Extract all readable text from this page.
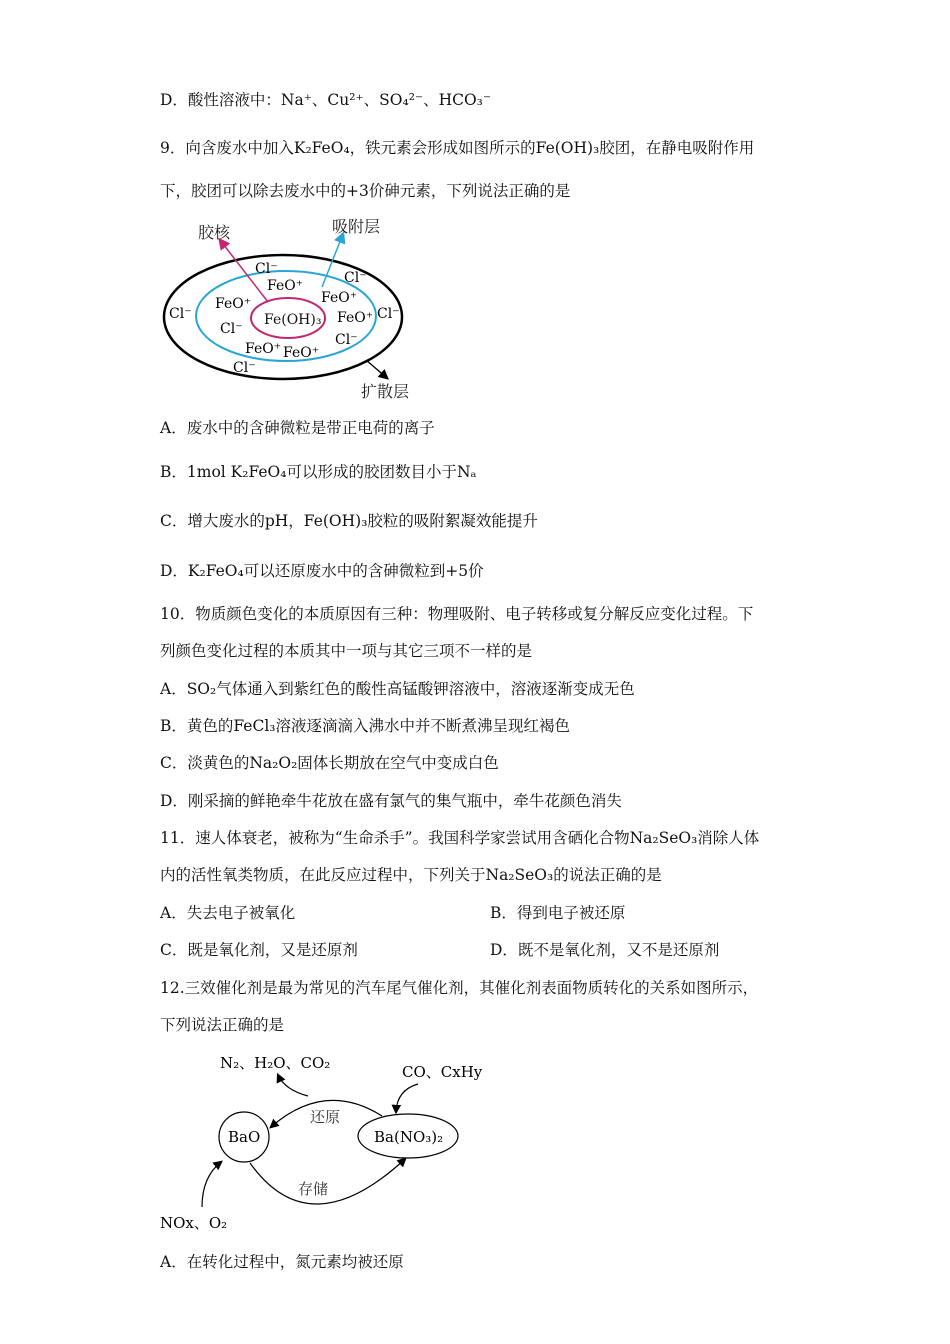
D．酸性溶液中：Na⁺、Cu²⁺、SO₄²⁻、HCO₃⁻
9．向含废水中加入K₂FeO₄，铁元素会形成如图所示的Fe(OH)₃胶团，在静电吸附作用
下，胶团可以除去废水中的+3价砷元素，下列说法正确的是
胶核	吸附层
扩散层
Fe(OH)₃
Cl⁻
FeO⁺	Cl⁻
FeO⁺
FeO⁺
Cl⁻
Cl⁻
FeO⁺ Cl⁻
Cl⁻
FeO⁺ FeO⁺
Cl⁻
A．废水中的含砷微粒是带正电荷的离子
B．1mol K₂FeO₄可以形成的胶团数目小于Nₐ
C．增大废水的pH，Fe(OH)₃胶粒的吸附絮凝效能提升
D．K₂FeO₄可以还原废水中的含砷微粒到+5价
10．物质颜色变化的本质原因有三种：物理吸附、电子转移或复分解反应变化过程。下
列颜色变化过程的本质其中一项与其它三项不一样的是
A．SO₂气体通入到紫红色的酸性高锰酸钾溶液中，溶液逐渐变成无色
B．黄色的FeCl₃溶液逐滴滴入沸水中并不断煮沸呈现红褐色
C．淡黄色的Na₂O₂固体长期放在空气中变成白色
D．刚采摘的鲜艳牵牛花放在盛有氯气的集气瓶中，牵牛花颜色消失
11．速人体衰老，被称为“生命杀手”。我国科学家尝试用含硒化合物Na₂SeO₃消除人体
内的活性氧类物质，在此反应过程中，下列关于Na₂SeO₃的说法正确的是
A．失去电子被氧化	B．得到电子被还原
C．既是氧化剂，又是还原剂	D．既不是氧化剂，又不是还原剂
12.三效催化剂是最为常见的汽车尾气催化剂，其催化剂表面物质转化的关系如图所示，
下列说法正确的是
N₂、H₂O、CO₂	CO、CxHy
BaO	Ba(NO₃)₂
还原
存储
NOx、O₂
A．在转化过程中，氮元素均被还原
